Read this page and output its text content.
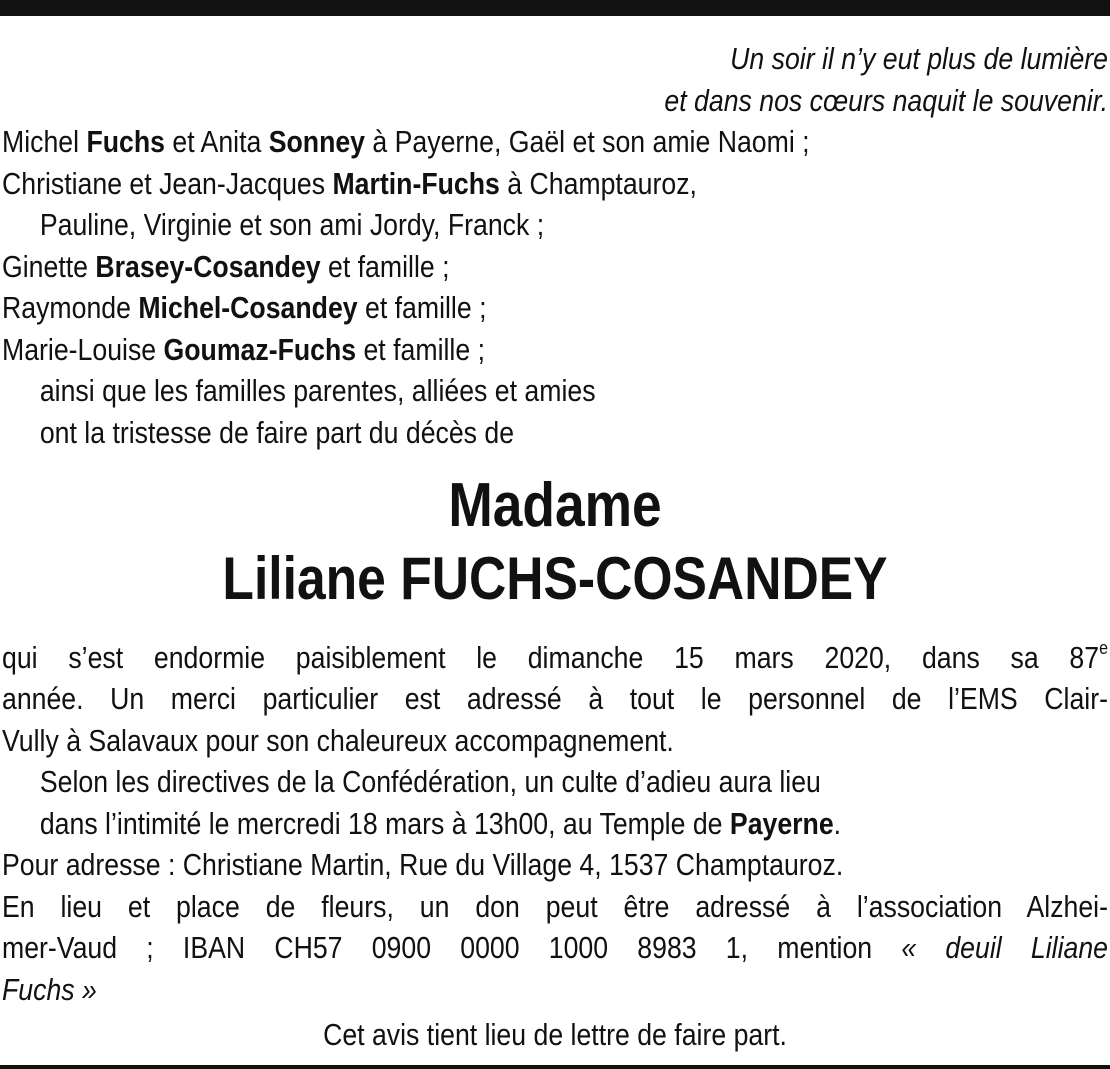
Un soir il n’y eut plus de lumière
et dans nos cœurs naquit le souvenir.
Michel Fuchs et Anita Sonney à Payerne, Gaël et son amie Naomi ;
Christiane et Jean-Jacques Martin-Fuchs à Champtauroz,
Pauline, Virginie et son ami Jordy, Franck ;
Ginette Brasey-Cosandey et famille ;
Raymonde Michel-Cosandey et famille ;
Marie-Louise Goumaz-Fuchs et famille ;
ainsi que les familles parentes, alliées et amies
ont la tristesse de faire part du décès de
Madame
Liliane FUCHS-COSANDEY
qui s’est endormie paisiblement le dimanche 15 mars 2020, dans sa 87e
année. Un merci particulier est adressé à tout le personnel de l’EMS Clair-
Vully à Salavaux pour son chaleureux accompagnement.
Selon les directives de la Confédération, un culte d’adieu aura lieu
dans l’intimité le mercredi 18 mars à 13h00, au Temple de Payerne.
Pour adresse : Christiane Martin, Rue du Village 4, 1537 Champtauroz.
En lieu et place de fleurs, un don peut être adressé à l’association Alzhei-
mer-Vaud ; IBAN CH57 0900 0000 1000 8983 1, mention « deuil Liliane
Fuchs »
Cet avis tient lieu de lettre de faire part.
